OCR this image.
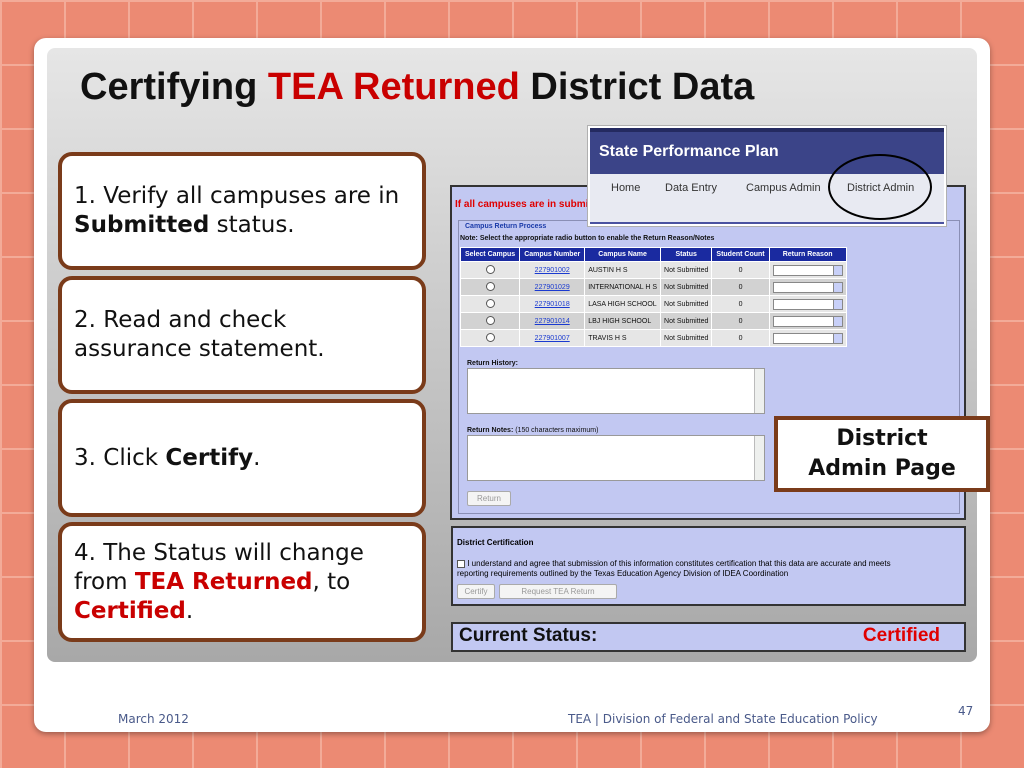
Certifying TEA Returned District Data
1. Verify all campuses are in Submitted status.
2. Read and check assurance statement.
3. Click Certify.
4. The Status will change from TEA Returned, to Certified.
If all campuses are in submi
Campus Return Process
Note: Select the appropriate radio button to enable the Return Reason/Notes
Select Campus	Campus Number	Campus Name	Status	Student Count	Return Reason
	227901002	AUSTIN H S	Not Submitted	0	
	227901029	INTERNATIONAL H S	Not Submitted	0	
	227901018	LASA HIGH SCHOOL	Not Submitted	0	
	227901014	LBJ HIGH SCHOOL	Not Submitted	0	
	227901007	TRAVIS H S	Not Submitted	0	
Return History:
Return Notes: (150 characters maximum)
Return
State Performance Plan
Home Data Entry	Campus Admin District Admin
District
Admin Page
District Certification
I understand and agree that submission of this information constitutes certification that this data are accurate and meets
reporting requirements outlined by the Texas Education Agency Division of IDEA Coordination
Certify	Request TEA Return
Current Status:	Certified
March 2012	TEA | Division of Federal and State Education Policy
47
